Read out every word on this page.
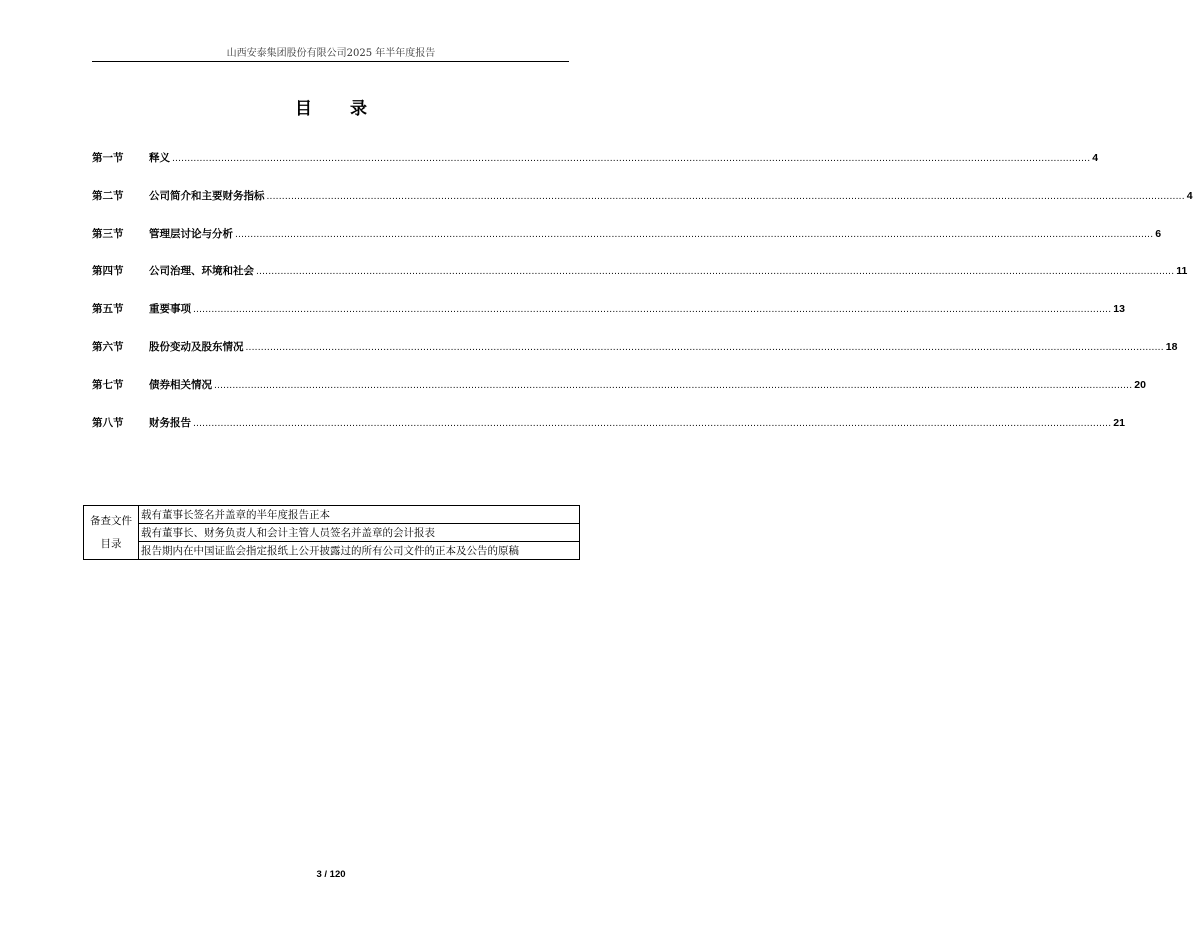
山西安泰集团股份有限公司2025 年半年度报告
目 录
第一节	释义 ............................................................................................................................................................................................................................................................................................................ 4
第二节	公司简介和主要财务指标 ............................................................................................................................................................................................................................................................................................................ 4
第三节	管理层讨论与分析 ............................................................................................................................................................................................................................................................................................................ 6
第四节	公司治理、环境和社会 ............................................................................................................................................................................................................................................................................................................ 11
第五节	重要事项 ............................................................................................................................................................................................................................................................................................................ 13
第六节	股份变动及股东情况 ............................................................................................................................................................................................................................................................................................................ 18
第七节	债券相关情况 ............................................................................................................................................................................................................................................................................................................ 20
第八节	财务报告 ............................................................................................................................................................................................................................................................................................................ 21
备查文件
目录
	载有董事长签名并盖章的半年度报告正本
载有董事长、财务负责人和会计主管人员签名并盖章的会计报表
报告期内在中国证监会指定报纸上公开披露过的所有公司文件的正本及公告的原稿
3 / 120
